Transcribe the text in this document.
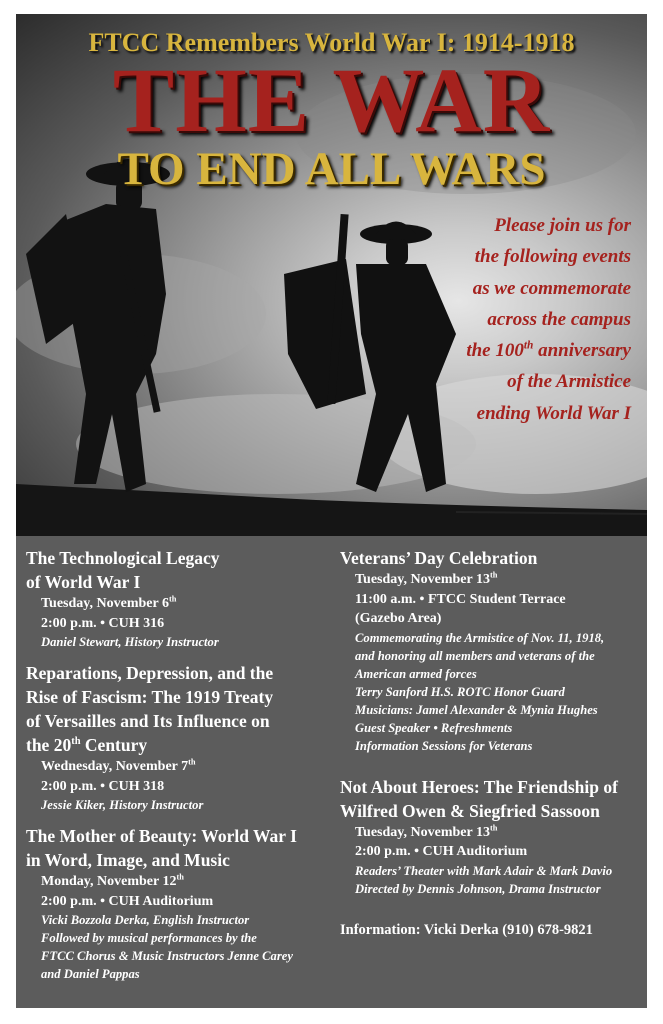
FTCC Remembers World War I: 1914-1918
THE WAR
TO END ALL WARS
Please join us for
the following events
as we commemorate
across the campus
the 100th anniversary
of the Armistice
ending World War I
The Technological Legacy
of World War I
Tuesday, November 6th
2:00 p.m. • CUH 316
Daniel Stewart, History Instructor
Reparations, Depression, and the
Rise of Fascism: The 1919 Treaty
of Versailles and Its Influence on
the 20th Century
Wednesday, November 7th
2:00 p.m. • CUH 318
Jessie Kiker, History Instructor
The Mother of Beauty: World War I
in Word, Image, and Music
Monday, November 12th
2:00 p.m. • CUH Auditorium
Vicki Bozzola Derka, English Instructor
Followed by musical performances by the
FTCC Chorus & Music Instructors Jenne Carey
and Daniel Pappas
Veterans’ Day Celebration
Tuesday, November 13th
11:00 a.m. • FTCC Student Terrace
(Gazebo Area)
Commemorating the Armistice of Nov. 11, 1918,
and honoring all members and veterans of the
American armed forces
Terry Sanford H.S. ROTC Honor Guard
Musicians: Jamel Alexander & Mynia Hughes
Guest Speaker • Refreshments
Information Sessions for Veterans
Not About Heroes: The Friendship of
Wilfred Owen & Siegfried Sassoon
Tuesday, November 13th
2:00 p.m. • CUH Auditorium
Readers’ Theater with Mark Adair & Mark Davio
Directed by Dennis Johnson, Drama Instructor
Information: Vicki Derka (910) 678-9821
